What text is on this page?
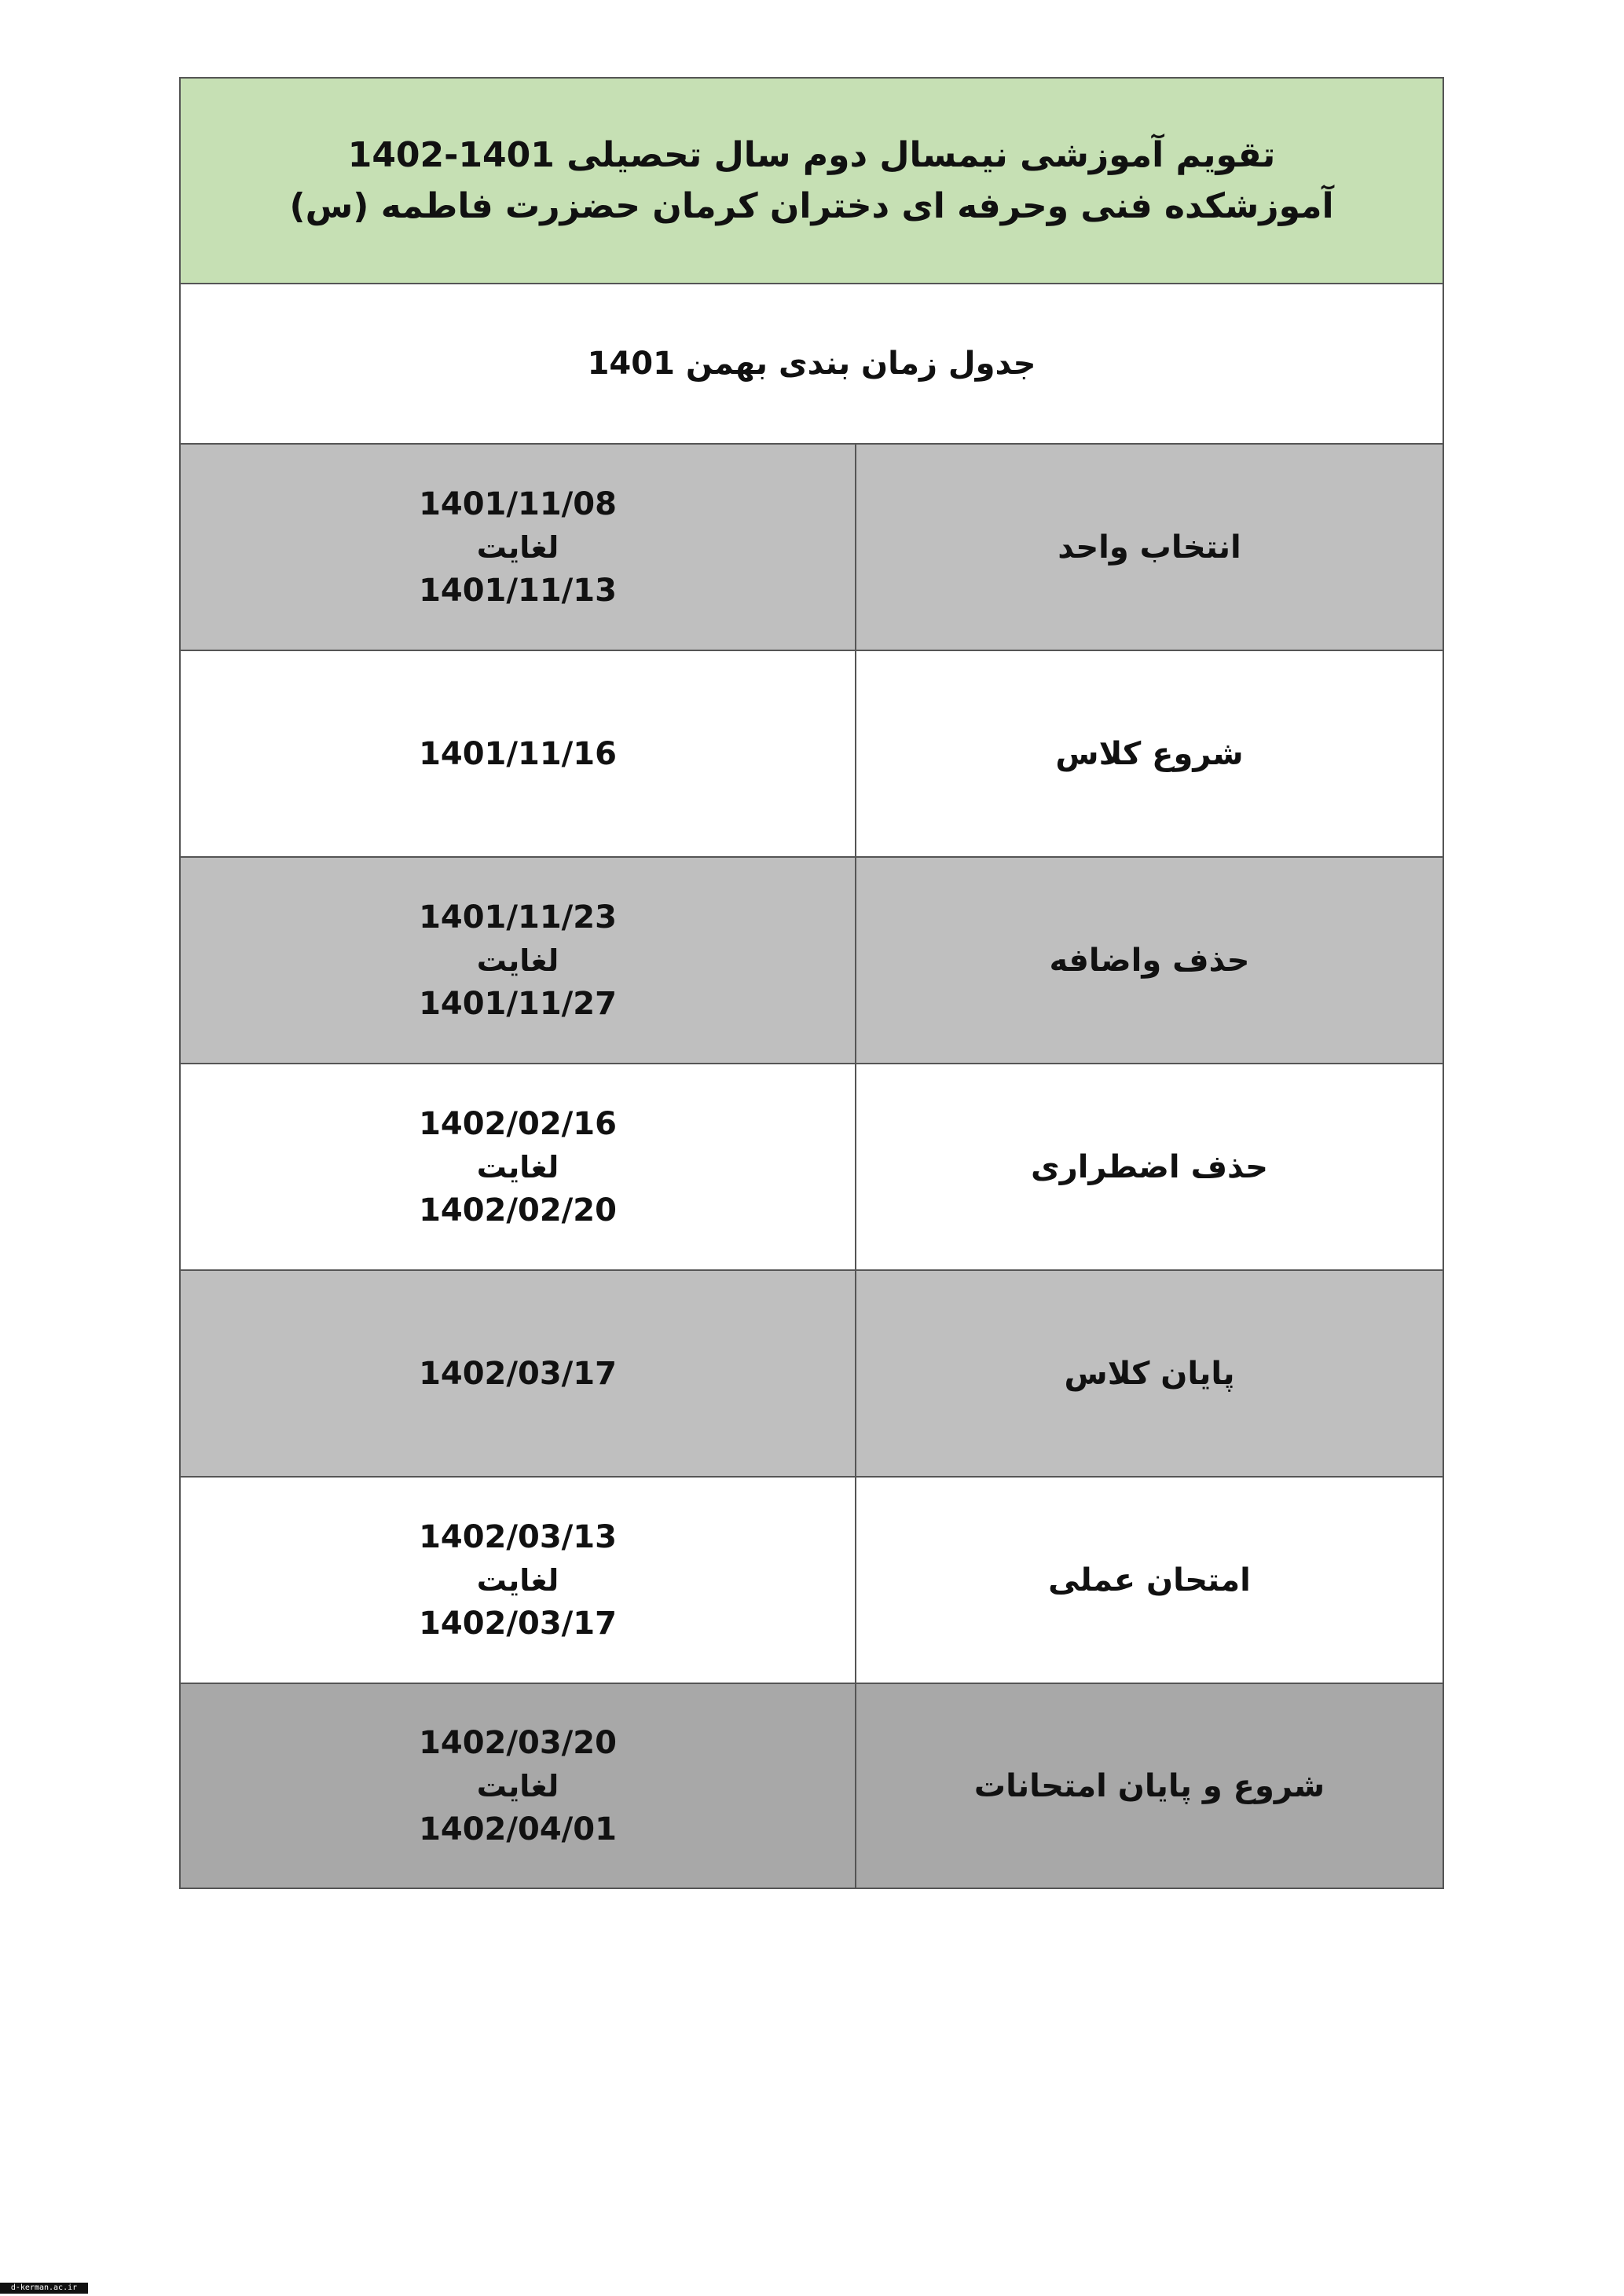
تقویم آموزشی نیمسال دوم سال تحصیلی 1401-1402
آموزشکده فنی وحرفه ای دختران کرمان حضزرت فاطمه (س)
جدول زمان بندی بهمن 1401
1401/11/08
لغایت
1401/11/13
انتخاب واحد
1401/11/16	شروع کلاس
1401/11/23
لغایت
1401/11/27
حذف واضافه
1402/02/16
لغایت
1402/02/20
حذف اضطراری
1402/03/17	پایان کلاس
1402/03/13
لغایت
1402/03/17
امتحان عملی
1402/03/20
لغایت
1402/04/01
شروع و پایان امتحانات
d-kerman.ac.ir
